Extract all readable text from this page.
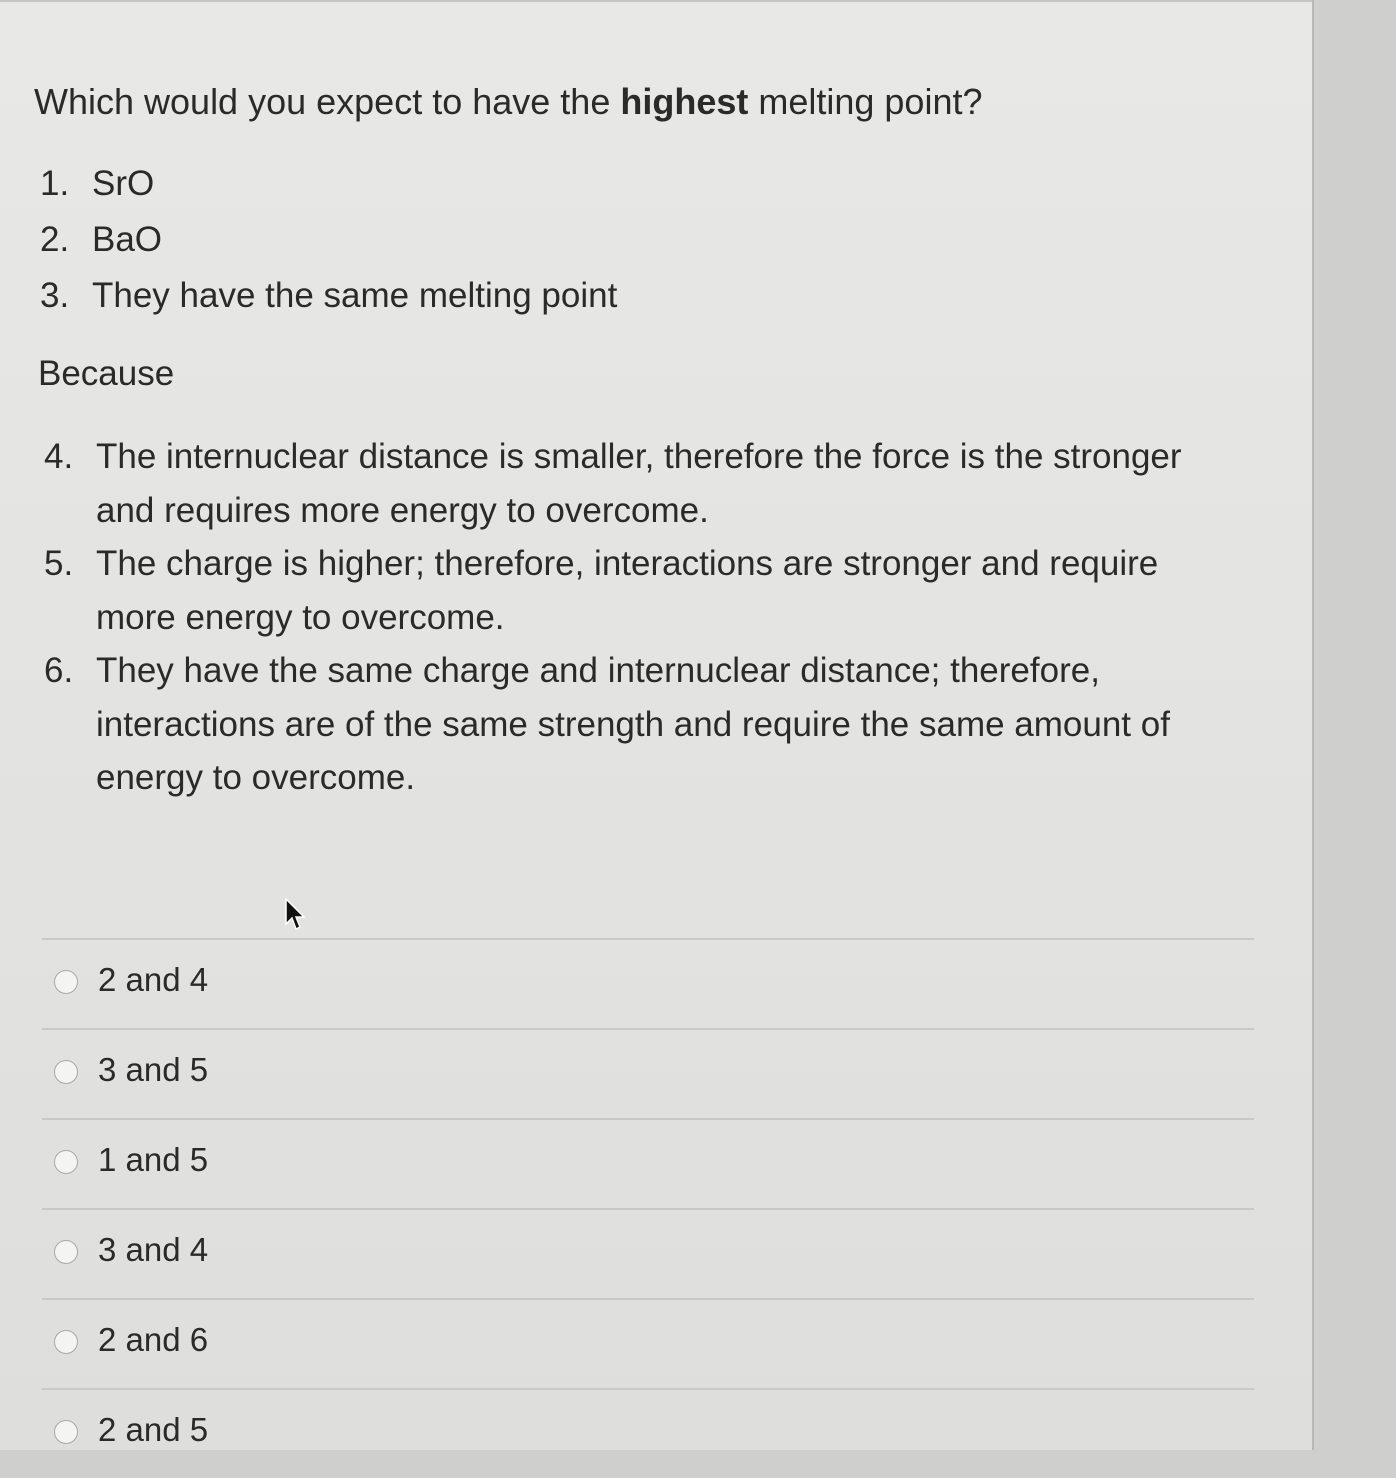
Which would you expect to have the highest melting point?
1. SrO
2. BaO
3. They have the same melting point
Because
4. The internuclear distance is smaller, therefore the force is the stronger and requires more energy to overcome.
5. The charge is higher; therefore, interactions are stronger and require more energy to overcome.
6. They have the same charge and internuclear distance; therefore, interactions are of the same strength and require the same amount of energy to overcome.
2 and 4
3 and 5
1 and 5
3 and 4
2 and 6
2 and 5
